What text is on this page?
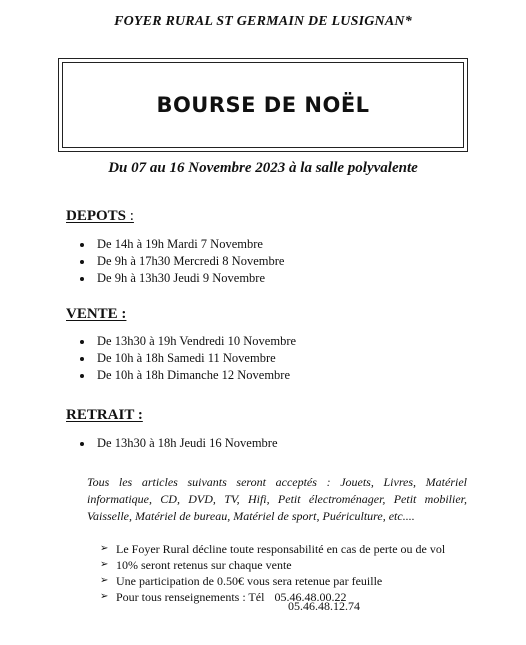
FOYER RURAL ST GERMAIN DE LUSIGNAN*
BOURSE DE NOËL
Du 07 au 16 Novembre 2023 à la salle polyvalente
DEPOTS :
De 14h à 19h Mardi 7 Novembre
De 9h à 17h30 Mercredi 8 Novembre
De 9h à 13h30 Jeudi 9 Novembre
VENTE :
De 13h30 à 19h Vendredi 10 Novembre
De 10h à 18h Samedi 11 Novembre
De 10h à 18h Dimanche 12 Novembre
RETRAIT :
De 13h30 à 18h Jeudi 16 Novembre
Tous les articles suivants seront acceptés : Jouets, Livres, Matériel informatique, CD, DVD, TV, Hifi, Petit électroménager, Petit mobilier, Vaisselle, Matériel de bureau, Matériel de sport, Puériculture, etc....
➢ Le Foyer Rural décline toute responsabilité en cas de perte ou de vol
➢ 10% seront retenus sur chaque vente
➢ Une participation de 0.50€ vous sera retenue par feuille
➢ Pour tous renseignements : Tél 05.46.48.00.22
05.46.48.12.74
